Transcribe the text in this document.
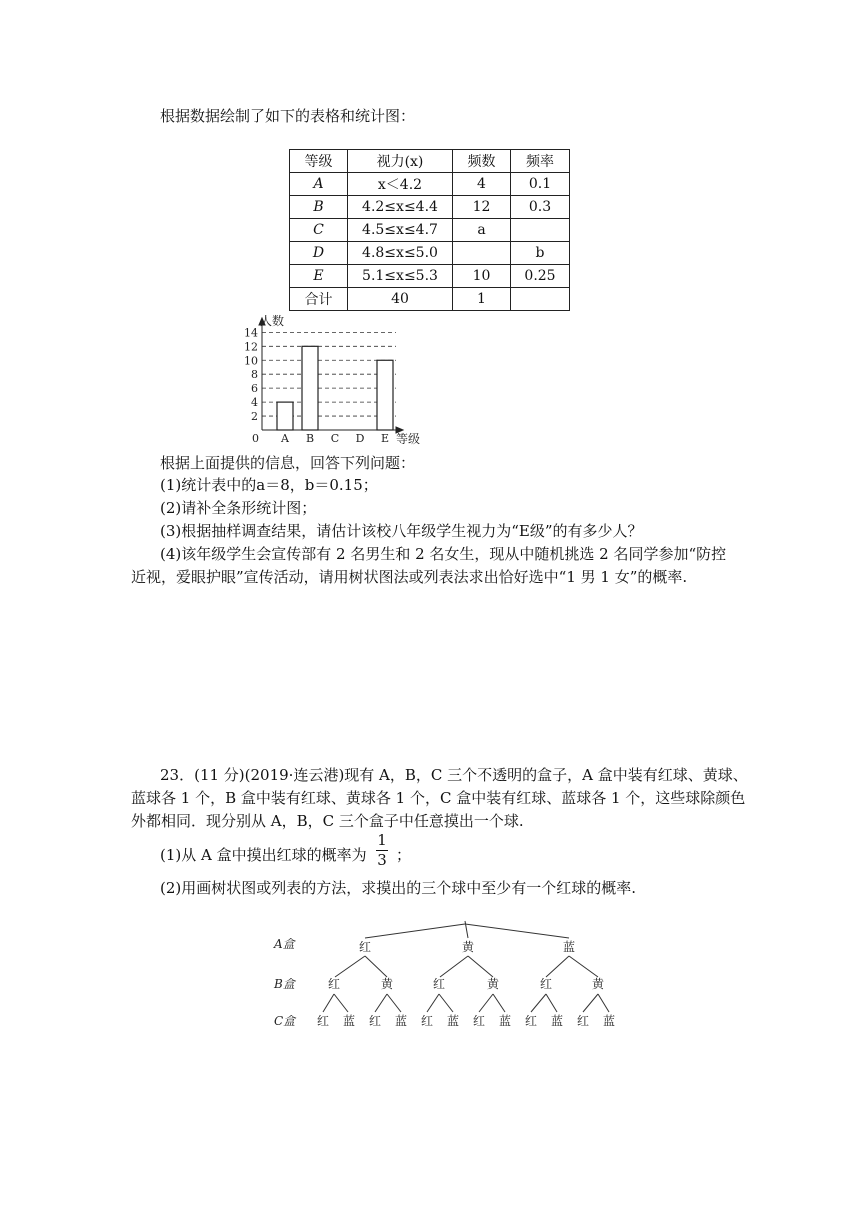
根据数据绘制了如下的表格和统计图：
等级	视力(x)	频数	频率
A	x＜4.2	4	0.1
B	4.2≤x≤4.4	12	0.3
C	4.5≤x≤4.7	a	
D	4.8≤x≤5.0		b
E	5.1≤x≤5.3	10	0.25
合计	40	1	
2
4
6
8
10
12
14
A B C D E
人数
等级
0
根据上面提供的信息，回答下列问题：
(1)统计表中的a＝8，b＝0.15；
(2)请补全条形统计图；
(3)根据抽样调查结果，请估计该校八年级学生视力为“E级”的有多少人？
(4)该年级学生会宣传部有 2 名男生和 2 名女生，现从中随机挑选 2 名同学参加“防控
近视，爱眼护眼”宣传活动，请用树状图法或列表法求出恰好选中“1 男 1 女”的概率.
23．(11 分)(2019·连云港)现有 A，B，C 三个不透明的盒子，A 盒中装有红球、黄球、
蓝球各 1 个，B 盒中装有红球、黄球各 1 个，C 盒中装有红球、蓝球各 1 个，这些球除颜色
外都相同．现分别从 A，B，C 三个盒子中任意摸出一个球.
(1)从 A 盒中摸出红球的概率为
1
3 ；
(2)用画树状图或列表的方法，求摸出的三个球中至少有一个红球的概率.
A盒
B盒
C盒
红	黄	蓝
红	黄	红	黄	红	黄
红 蓝 红 蓝 红 蓝 红 蓝 红 蓝 红 蓝
